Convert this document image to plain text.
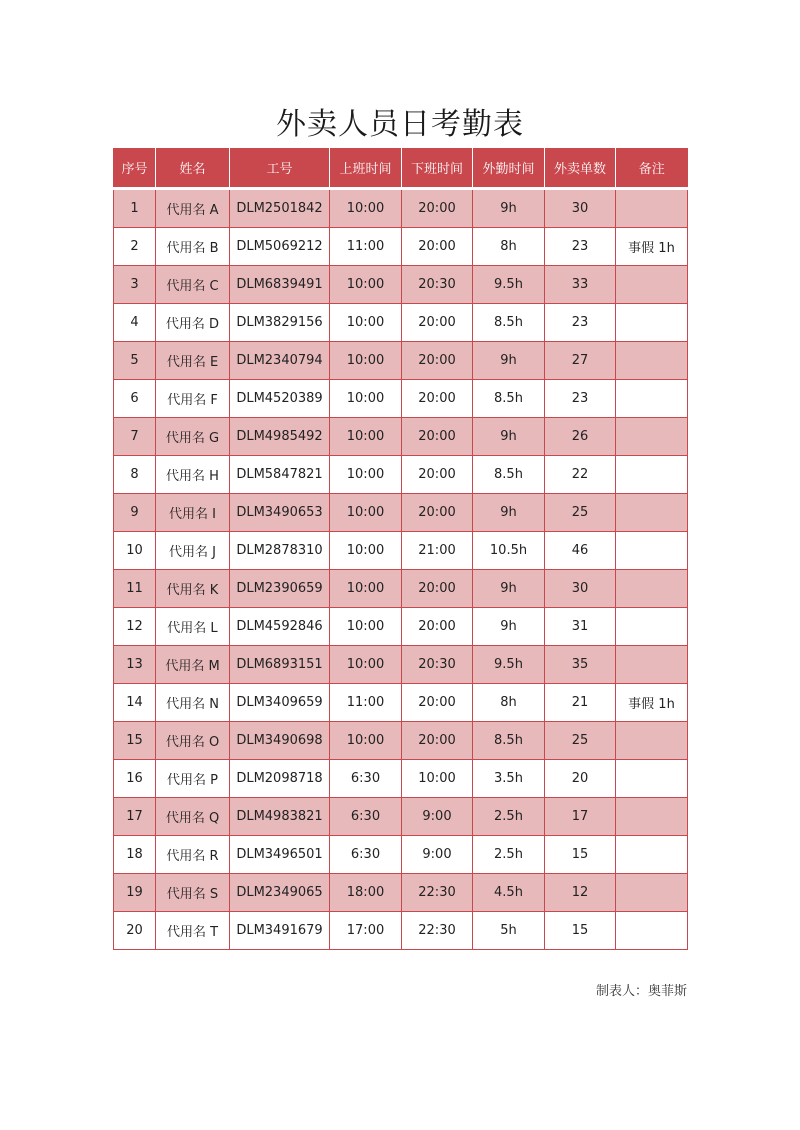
外卖人员日考勤表
序号	姓名	工号	上班时间	下班时间	外勤时间	外卖单数	备注
1	代用名 A	DLM2501842	10:00	20:00	9h	30	
2	代用名 B	DLM5069212	11:00	20:00	8h	23	事假 1h
3	代用名 C	DLM6839491	10:00	20:30	9.5h	33	
4	代用名 D	DLM3829156	10:00	20:00	8.5h	23	
5	代用名 E	DLM2340794	10:00	20:00	9h	27	
6	代用名 F	DLM4520389	10:00	20:00	8.5h	23	
7	代用名 G	DLM4985492	10:00	20:00	9h	26	
8	代用名 H	DLM5847821	10:00	20:00	8.5h	22	
9	代用名 I	DLM3490653	10:00	20:00	9h	25	
10	代用名 J	DLM2878310	10:00	21:00	10.5h	46	
11	代用名 K	DLM2390659	10:00	20:00	9h	30	
12	代用名 L	DLM4592846	10:00	20:00	9h	31	
13	代用名 M	DLM6893151	10:00	20:30	9.5h	35	
14	代用名 N	DLM3409659	11:00	20:00	8h	21	事假 1h
15	代用名 O	DLM3490698	10:00	20:00	8.5h	25	
16	代用名 P	DLM2098718	6:30	10:00	3.5h	20	
17	代用名 Q	DLM4983821	6:30	9:00	2.5h	17	
18	代用名 R	DLM3496501	6:30	9:00	2.5h	15	
19	代用名 S	DLM2349065	18:00	22:30	4.5h	12	
20	代用名 T	DLM3491679	17:00	22:30	5h	15	
制表人：奥菲斯
